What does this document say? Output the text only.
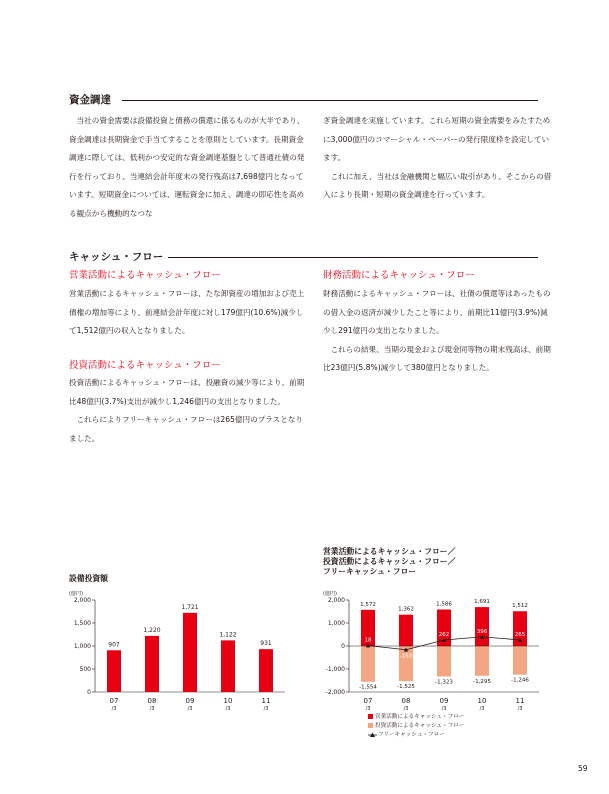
資金調達

当社の資金需要は設備投資と債務の償還に係るものが大半であり、資金調達は長期資金で手当てすることを原則としています。長期資金調達に際しては、低利かつ安定的な資金調達基盤として普通社債の発行を行っており、当連結会計年度末の発行残高は7,698億円となっています。短期資金については、運転資金に加え、調達の即応性を高める観点から機動的なつな

ぎ資金調達を実施しています。これら短期の資金需要をみたすために3,000億円のコマーシャル・ペーパーの発行限度枠を設定しています。

これに加え、当社は金融機関と幅広い取引があり、そこからの借入により長期・短期の資金調達を行っています。

キャッシュ・フロー
営業活動によるキャッシュ・フロー

営業活動によるキャッシュ・フローは、たな卸資産の増加および売上債権の増加等により、前連結会計年度に対し179億円(10.6%)減少して1,512億円の収入となりました。

投資活動によるキャッシュ・フロー

投資活動によるキャッシュ・フローは、投融資の減少等により、前期比48億円(3.7%)支出が減少し1,246億円の支出となりました。

これらによりフリーキャッシュ・フローは265億円のプラスとなりました。

財務活動によるキャッシュ・フロー

財務活動によるキャッシュ・フローは、社債の償還等はあったものの借入金の返済が減少したこと等により、前期比11億円(3.9%)減少し291億円の支出となりました。

これらの結果、当期の現金および現金同等物の期末残高は、前期比23億円(5.8%)減少して380億円となりました。

設備投資額
(億円)
0
500
1,000
1,500
2,000
907
07
/3
1,220
08
/3
1,721
09
/3
1,122
10
/3
931
11
/3
営業活動によるキャッシュ・フロー／
投資活動によるキャッシュ・フロー／
フリーキャッシュ・フロー
(億円)
-2,000
-1,000
0
1,000
2,000
1,572
-1,554
07
/3
1,362
-1,525
08
/3
1,586
-1,323
09
/3
1,691
-1,295
10
/3
1,512
-1,246
11
/3
18
-163
262
396
265
営業活動によるキャッシュ・フロー
投資活動によるキャッシュ・フロー
フリーキャッシュ・フロー
59
